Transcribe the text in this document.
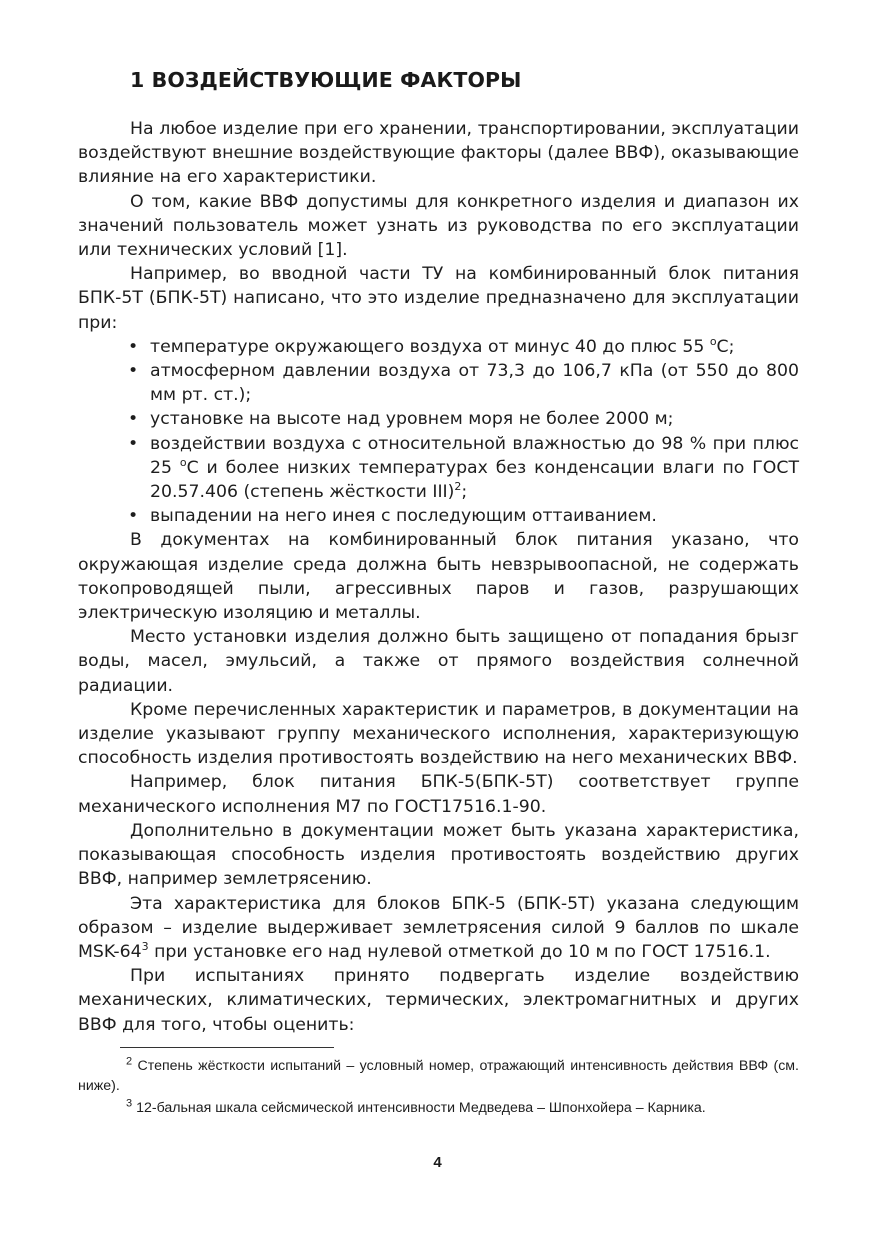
1 ВОЗДЕЙСТВУЮЩИЕ ФАКТОРЫ

На любое изделие при его хранении, транспортировании, эксплуатации воздействуют внешние воздействующие факторы (далее ВВФ), оказывающие влияние на его характеристики.

О том, какие ВВФ допустимы для конкретного изделия и диапазон их значений пользователь может узнать из руководства по его эксплуатации или технических условий [1].

Например, во вводной части ТУ на комбинированный блок питания БПК-5Т (БПК-5Т) написано, что это изделие предназначено для эксплуатации при:

• температуре окружающего воздуха от минус 40 до плюс 55 $^о$С;
• атмосферном давлении воздуха от 73,3 до 106,7 кПа (от 550 до 800 мм рт. ст.);
• установке на высоте над уровнем моря не более 2000 м;
• воздействии воздуха с относительной влажностью до 98 % при плюс 25 $^о$С и более низких температурах без конденсации влаги по ГОСТ 20.57.406 (степень жёсткости III)$^2$;
• выпадении на него инея с последующим оттаиванием.

В документах на комбинированный блок питания указано, что окружающая изделие среда должна быть невзрывоопасной, не содержать токопроводящей пыли, агрессивных паров и газов, разрушающих электрическую изоляцию и металлы.

Место установки изделия должно быть защищено от попадания брызг воды, масел, эмульсий, а также от прямого воздействия солнечной радиации.

Кроме перечисленных характеристик и параметров, в документации на изделие указывают группу механического исполнения, характеризующую способность изделия противостоять воздействию на него механических ВВФ.

Например, блок питания БПК-5(БПК-5Т) соответствует группе механического исполнения М7 по ГОСТ17516.1-90.

Дополнительно в документации может быть указана характеристика, показывающая способность изделия противостоять воздействию других ВВФ, например землетрясению.

Эта характеристика для блоков БПК-5 (БПК-5Т) указана следующим образом – изделие выдерживает землетрясения силой 9 баллов по шкале MSK-$64^3$ при установке его над нулевой отметкой до 10 м по ГОСТ 17516.1.

При испытаниях принято подвергать изделие воздействию механических, климатических, термических, электромагнитных и других ВВФ для того, чтобы оценить:

$^2$ Степень жёсткости испытаний – условный номер, отражающий интенсивность действия ВВФ (см. ниже).
$^3$ 12-бальная шкала сейсмической интенсивности Медведева – Шпонхойера – Карника.
4
